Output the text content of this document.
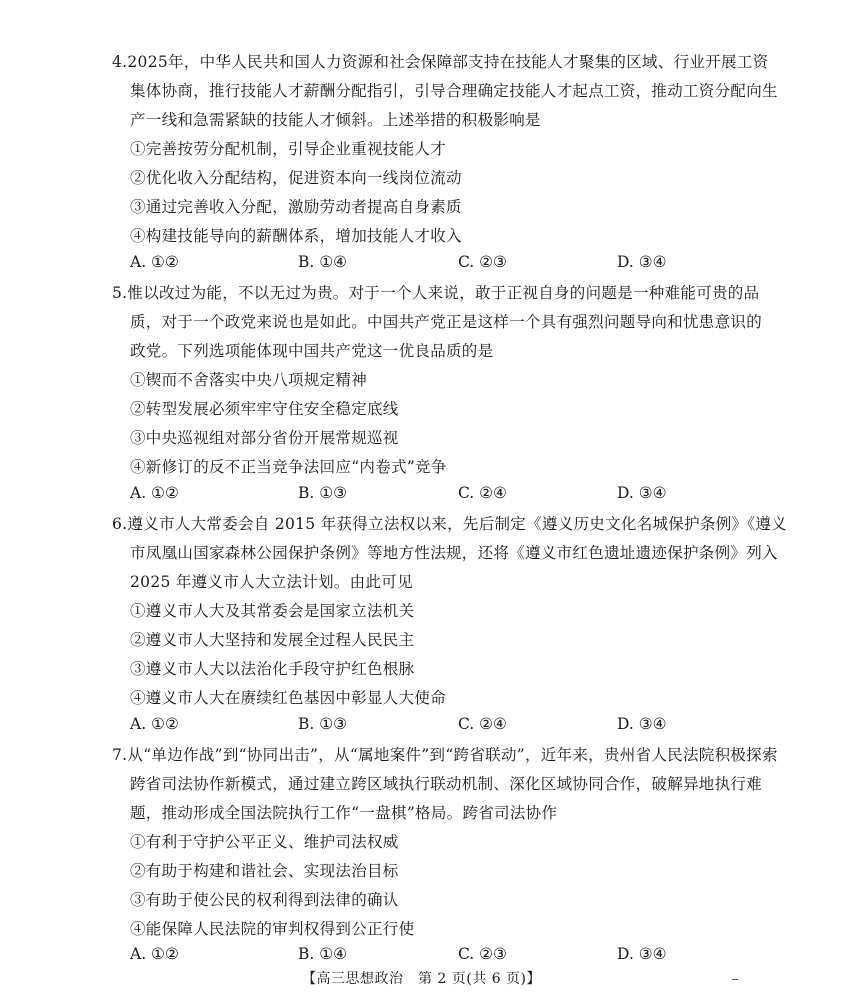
4.2025年，中华人民共和国人力资源和社会保障部支持在技能人才聚集的区域、行业开展工资
集体协商，推行技能人才薪酬分配指引，引导合理确定技能人才起点工资，推动工资分配向生
产一线和急需紧缺的技能人才倾斜。上述举措的积极影响是
①完善按劳分配机制，引导企业重视技能人才
②优化收入分配结构，促进资本向一线岗位流动
③通过完善收入分配，激励劳动者提高自身素质
④构建技能导向的薪酬体系，增加技能人才收入
A. ①②	B. ①④	C. ②③	D. ③④
5.惟以改过为能，不以无过为贵。对于一个人来说，敢于正视自身的问题是一种难能可贵的品
质，对于一个政党来说也是如此。中国共产党正是这样一个具有强烈问题导向和忧患意识的
政党。下列选项能体现中国共产党这一优良品质的是
①锲而不舍落实中央八项规定精神
②转型发展必须牢牢守住安全稳定底线
③中央巡视组对部分省份开展常规巡视
④新修订的反不正当竞争法回应“内卷式”竞争
A. ①②	B. ①③	C. ②④	D. ③④
6.遵义市人大常委会自 2015 年获得立法权以来，先后制定《遵义历史文化名城保护条例》《遵义
市凤凰山国家森林公园保护条例》等地方性法规，还将《遵义市红色遗址遗迹保护条例》列入
2025 年遵义市人大立法计划。由此可见
①遵义市人大及其常委会是国家立法机关
②遵义市人大坚持和发展全过程人民民主
③遵义市人大以法治化手段守护红色根脉
④遵义市人大在赓续红色基因中彰显人大使命
A. ①②	B. ①③	C. ②④	D. ③④
7.从“单边作战”到“协同出击”，从“属地案件”到“跨省联动”，近年来，贵州省人民法院积极探索
跨省司法协作新模式，通过建立跨区域执行联动机制、深化区域协同合作，破解异地执行难
题，推动形成全国法院执行工作“一盘棋”格局。跨省司法协作
①有利于守护公平正义、维护司法权威
②有助于构建和谐社会、实现法治目标
③有助于使公民的权利得到法律的确认
④能保障人民法院的审判权得到公正行使
A. ①②	B. ①④	C. ②③	D. ③④
【高三思想政治　第 2 页(共 6 页)】
